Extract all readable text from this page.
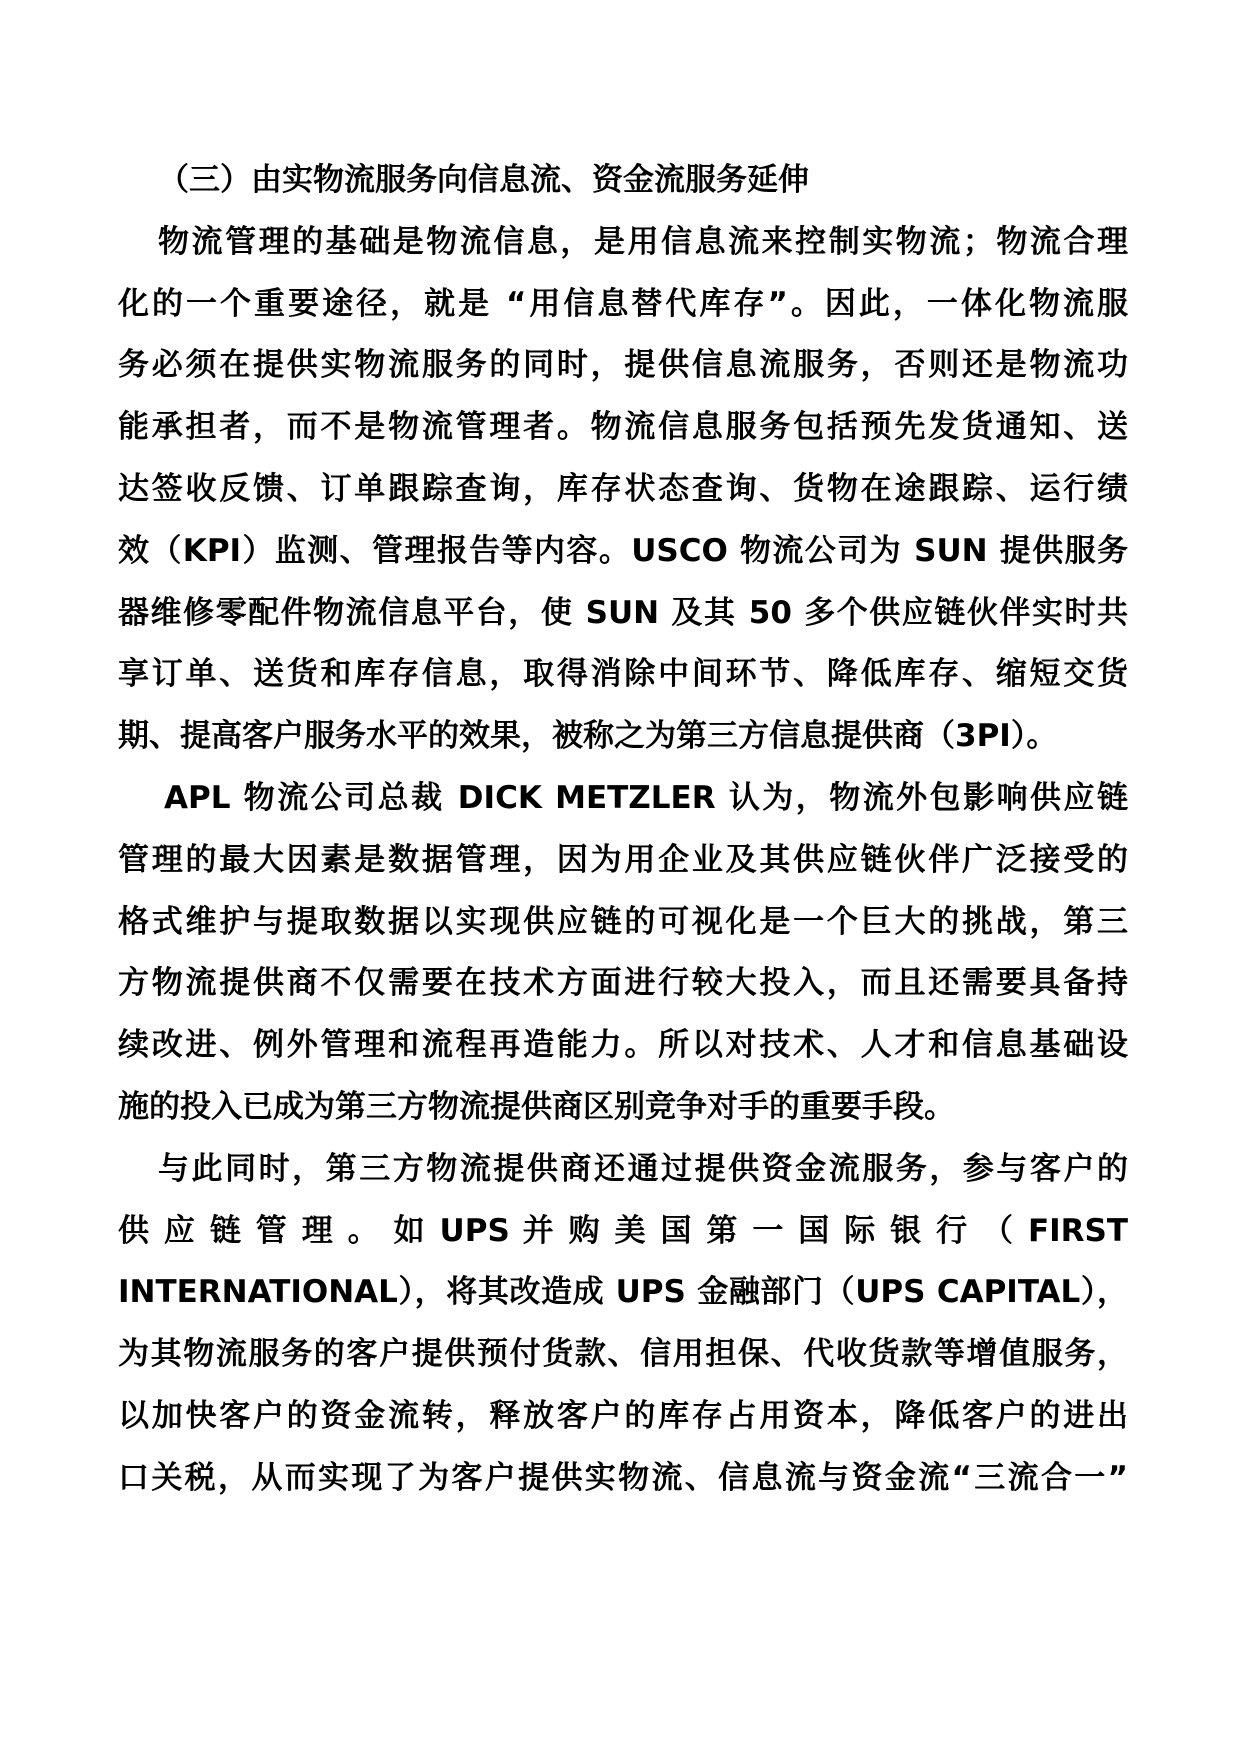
（三）由实物流服务向信息流、资金流服务延伸
物流管理的基础是物流信息，是用信息流来控制实物流；物流合理
化的一个重要途径，就是 “用信息替代库存”。因此，一体化物流服
务必须在提供实物流服务的同时，提供信息流服务，否则还是物流功
能承担者，而不是物流管理者。物流信息服务包括预先发货通知、送
达签收反馈、订单跟踪查询，库存状态查询、货物在途跟踪、运行绩
效（KPI）监测、管理报告等内容。USCO 物流公司为 SUN 提供服务
器维修零配件物流信息平台，使 SUN 及其 50 多个供应链伙伴实时共
享订单、送货和库存信息，取得消除中间环节、降低库存、缩短交货
期、提高客户服务水平的效果，被称之为第三方信息提供商（3PI）。
APL 物流公司总裁 DICK METZLER 认为，物流外包影响供应链
管理的最大因素是数据管理，因为用企业及其供应链伙伴广泛接受的
格式维护与提取数据以实现供应链的可视化是一个巨大的挑战，第三
方物流提供商不仅需要在技术方面进行较大投入，而且还需要具备持
续改进、例外管理和流程再造能力。所以对技术、人才和信息基础设
施的投入已成为第三方物流提供商区别竞争对手的重要手段。
与此同时，第三方物流提供商还通过提供资金流服务，参与客户的
供 应 链 管 理 。 如 UPS 并 购 美 国 第 一 国 际 银 行 （ FIRST
INTERNATIONAL），将其改造成 UPS 金融部门（UPS CAPITAL），
为其物流服务的客户提供预付货款、信用担保、代收货款等增值服务，
以加快客户的资金流转，释放客户的库存占用资本，降低客户的进出
口关税，从而实现了为客户提供实物流、信息流与资金流“三流合一”
